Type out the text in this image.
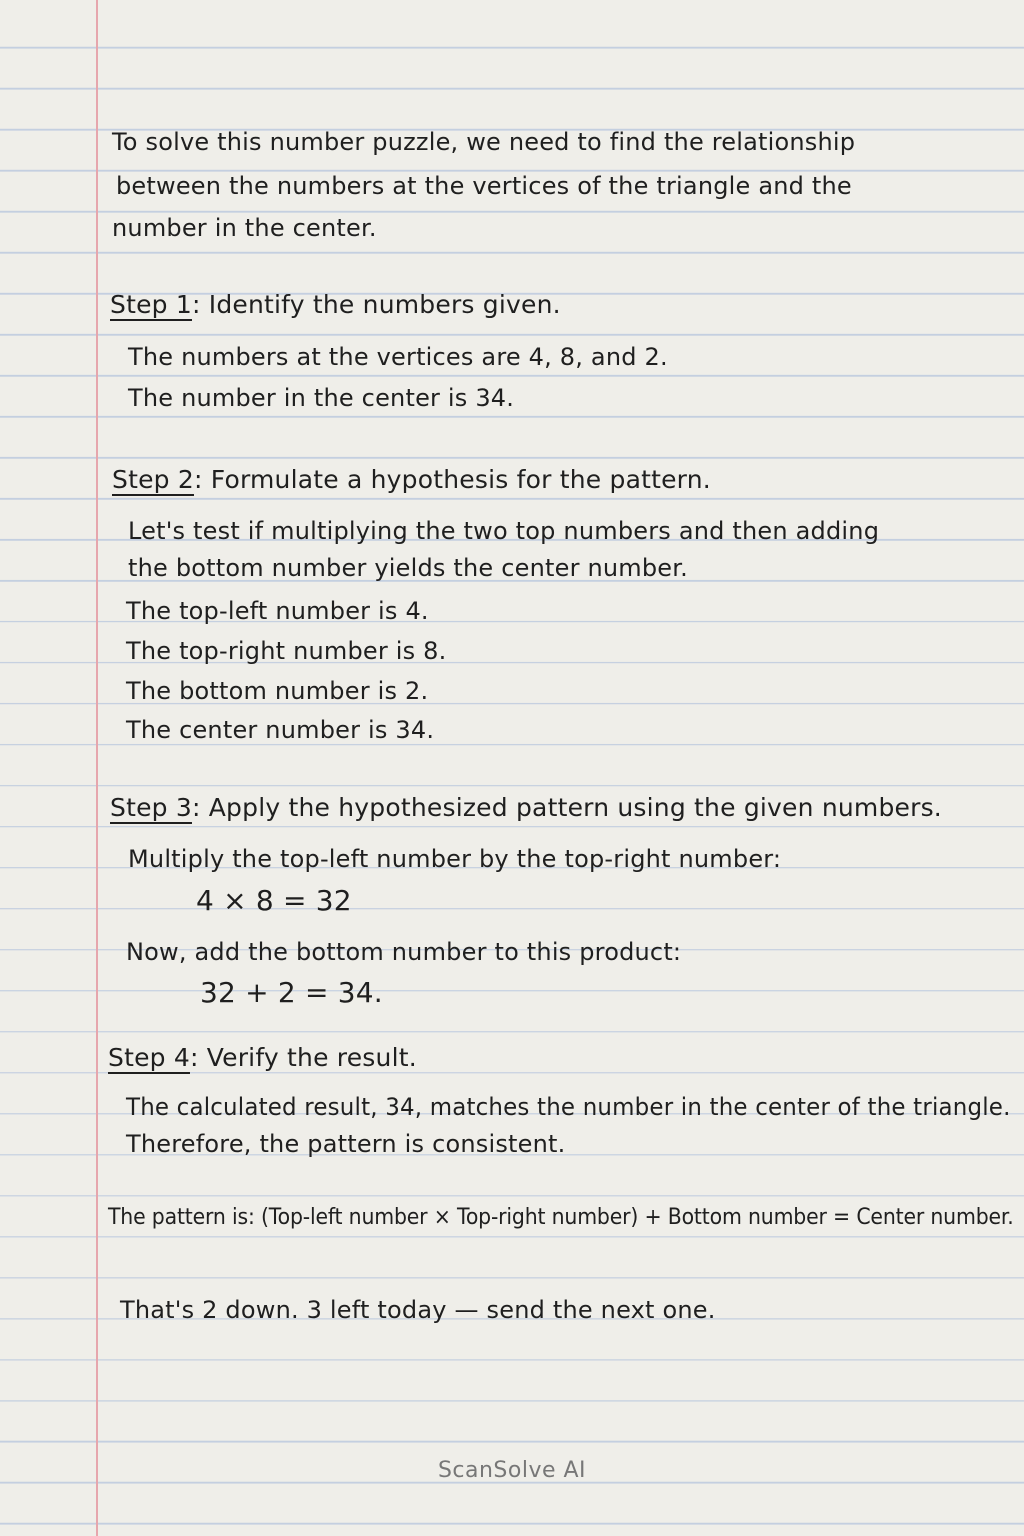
To solve this number puzzle, we need to find the relationship
between the numbers at the vertices of the triangle and the
number in the center.
Step 1: Identify the numbers given.
The numbers at the vertices are 4, 8, and 2.
The number in the center is 34.
Step 2: Formulate a hypothesis for the pattern.
Let's test if multiplying the two top numbers and then adding
the bottom number yields the center number.
The top-left number is 4.
The top-right number is 8.
The bottom number is 2.
The center number is 34.
Step 3: Apply the hypothesized pattern using the given numbers.
Multiply the top-left number by the top-right number:
4 × 8 = 32
Now, add the bottom number to this product:
32 + 2 = 34.
Step 4: Verify the result.
The calculated result, 34, matches the number in the center of the triangle.
Therefore, the pattern is consistent.
The pattern is: (Top-left number × Top-right number) + Bottom number = Center number.
That's 2 down. 3 left today — send the next one.
ScanSolve AI
